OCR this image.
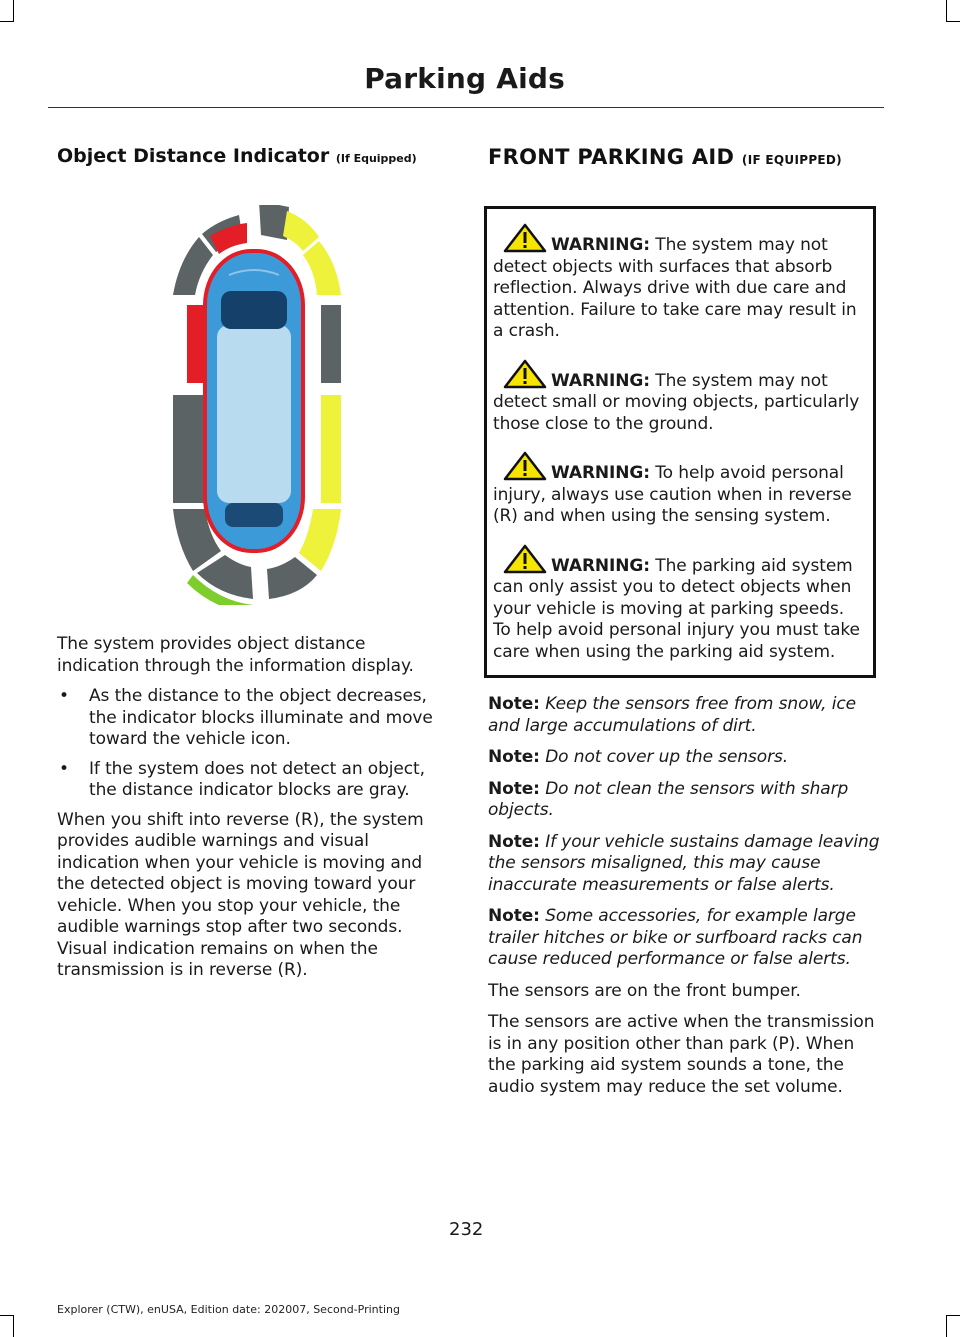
Parking Aids
Object Distance Indicator (If Equipped)

The system provides object distance indication through the information display.

• As the distance to the object decreases, the indicator blocks illuminate and move toward the vehicle icon.
• If the system does not detect an object, the distance indicator blocks are gray.

When you shift into reverse (R), the system provides audible warnings and visual indication when your vehicle is moving and the detected object is moving toward your vehicle. When you stop your vehicle, the audible warnings stop after two seconds. Visual indication remains on when the transmission is in reverse (R).

FRONT PARKING AID (IF EQUIPPED)
WARNING: The system may not detect objects with surfaces that absorb reflection. Always drive with due care and attention. Failure to take care may result in a crash.
WARNING: The system may not detect small or moving objects, particularly those close to the ground.
WARNING: To help avoid personal injury, always use caution when in reverse (R) and when using the sensing system.
WARNING: The parking aid system can only assist you to detect objects when your vehicle is moving at parking speeds. To help avoid personal injury you must take care when using the parking aid system.
Note: Keep the sensors free from snow, ice and large accumulations of dirt.
Note: Do not cover up the sensors.
Note: Do not clean the sensors with sharp objects.
Note: If your vehicle sustains damage leaving the sensors misaligned, this may cause inaccurate measurements or false alerts.
Note: Some accessories, for example large trailer hitches or bike or surfboard racks can cause reduced performance or false alerts.

The sensors are on the front bumper.

The sensors are active when the transmission is in any position other than park (P). When the parking aid system sounds a tone, the audio system may reduce the set volume.

232
Explorer (CTW), enUSA, Edition date: 202007, Second-Printing
